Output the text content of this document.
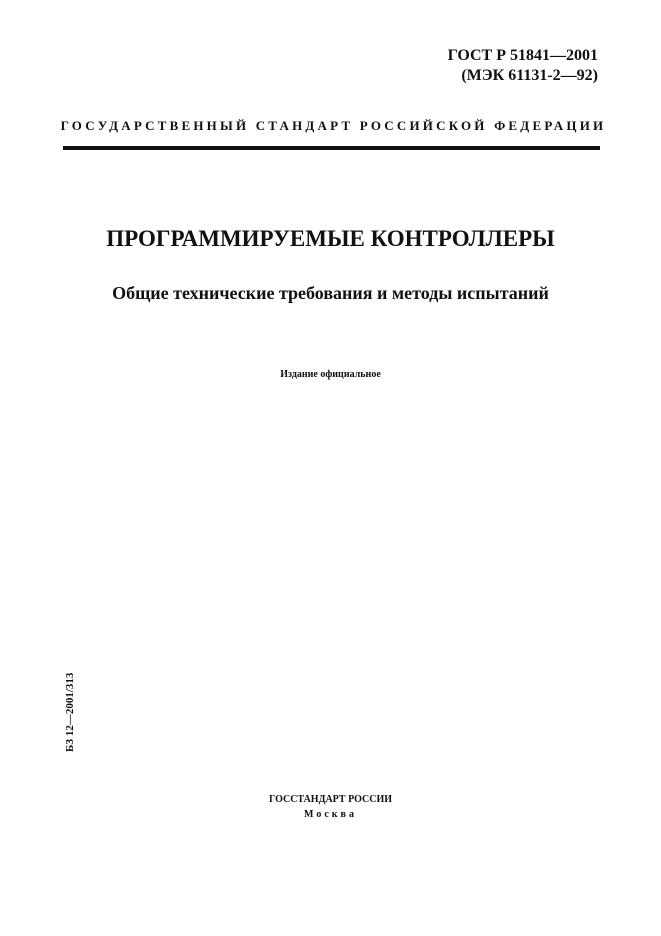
ГОСТ Р 51841—2001
(МЭК 61131-2—92)
ГОСУДАРСТВЕННЫЙ СТАНДАРТ РОССИЙСКОЙ ФЕДЕРАЦИИ
ПРОГРАММИРУЕМЫЕ КОНТРОЛЛЕРЫ
Общие технические требования и методы испытаний
Издание официальное
БЗ 12—2001/313
ГОССТАНДАРТ РОССИИ
Москва
